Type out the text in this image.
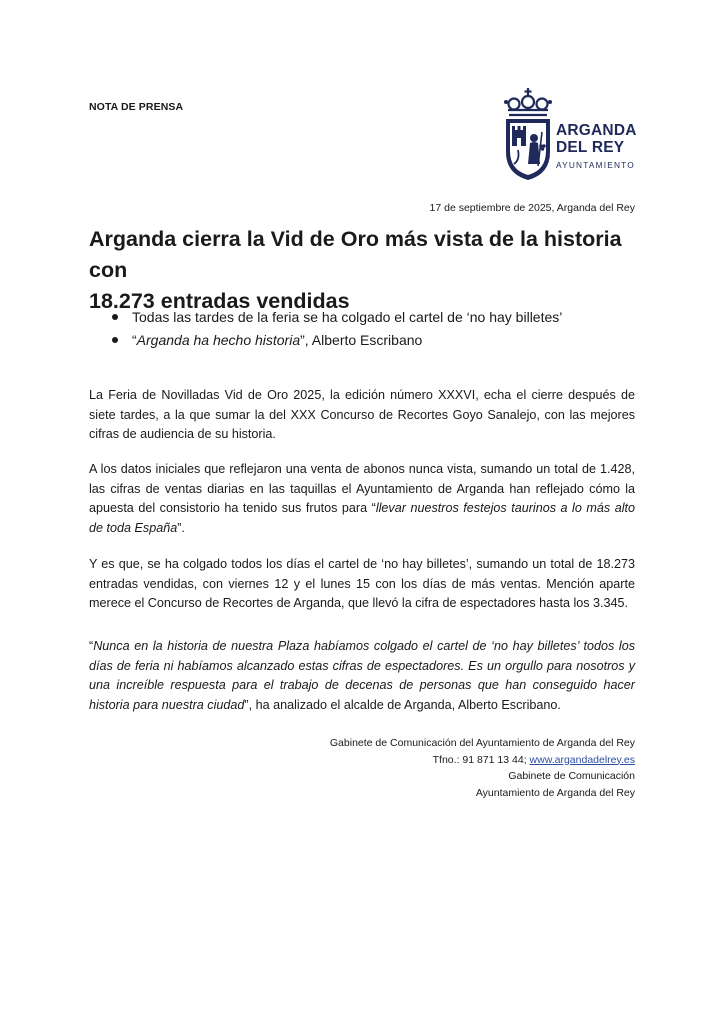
NOTA DE PRENSA
ARGANDA
DEL REY
AYUNTAMIENTO
17 de septiembre de 2025, Arganda del Rey
Arganda cierra la Vid de Oro más vista de la historia con
18.273 entradas vendidas
Todas las tardes de la feria se ha colgado el cartel de ‘no hay billetes’
“Arganda ha hecho historia”, Alberto Escribano

La Feria de Novilladas Vid de Oro 2025, la edición número XXXVI, echa el cierre después de siete tardes, a la que sumar la del XXX Concurso de Recortes Goyo Sanalejo, con las mejores cifras de audiencia de su historia.

A los datos iniciales que reflejaron una venta de abonos nunca vista, sumando un total de 1.428, las cifras de ventas diarias en las taquillas el Ayuntamiento de Arganda han reflejado cómo la apuesta del consistorio ha tenido sus frutos para “llevar nuestros festejos taurinos a lo más alto de toda España”.

Y es que, se ha colgado todos los días el cartel de ‘no hay billetes’, sumando un total de 18.273 entradas vendidas, con viernes 12 y el lunes 15 con los días de más ventas. Mención aparte merece el Concurso de Recortes de Arganda, que llevó la cifra de espectadores hasta los 3.345.

“Nunca en la historia de nuestra Plaza habíamos colgado el cartel de ‘no hay billetes’ todos los días de feria ni habíamos alcanzado estas cifras de espectadores. Es un orgullo para nosotros y una increíble respuesta para el trabajo de decenas de personas que han conseguido hacer historia para nuestra ciudad”, ha analizado el alcalde de Arganda, Alberto Escribano.

Gabinete de Comunicación del Ayuntamiento de Arganda del Rey
Tfno.: 91 871 13 44; www.argandadelrey.es
Gabinete de Comunicación
Ayuntamiento de Arganda del Rey
